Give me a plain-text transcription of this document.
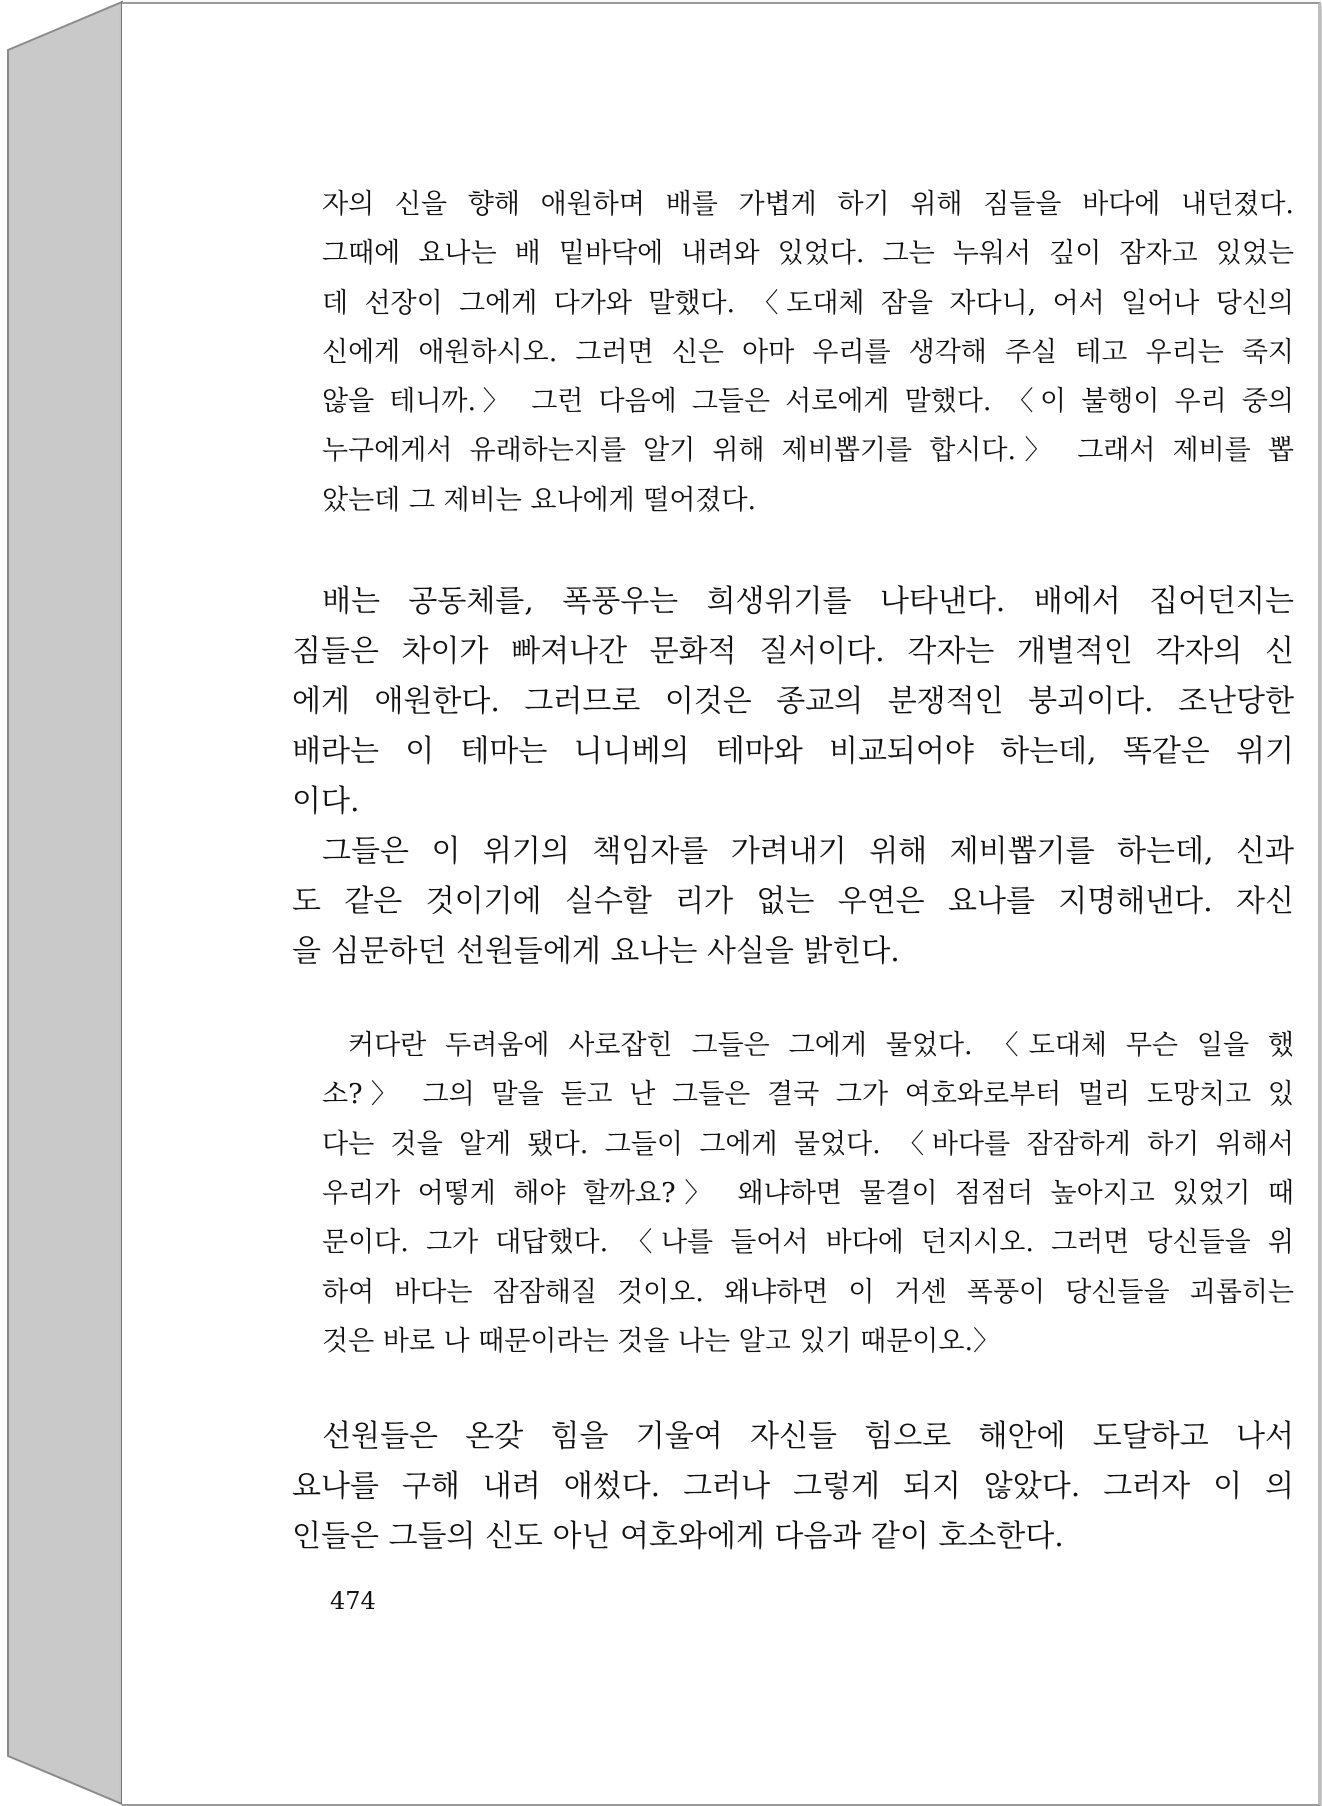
자의 신을 향해 애원하며 배를 가볍게 하기 위해 짐들을 바다에 내던졌다.
그때에 요나는 배 밑바닥에 내려와 있었다. 그는 누워서 깊이 잠자고 있었는
데 선장이 그에게 다가와 말했다. 〈도대체 잠을 자다니, 어서 일어나 당신의
신에게 애원하시오. 그러면 신은 아마 우리를 생각해 주실 테고 우리는 죽지
않을 테니까.〉 그런 다음에 그들은 서로에게 말했다. 〈이 불행이 우리 중의
누구에게서 유래하는지를 알기 위해 제비뽑기를 합시다.〉 그래서 제비를 뽑
았는데 그 제비는 요나에게 떨어졌다.
배는 공동체를, 폭풍우는 희생위기를 나타낸다. 배에서 집어던지는
짐들은 차이가 빠져나간 문화적 질서이다. 각자는 개별적인 각자의 신
에게 애원한다. 그러므로 이것은 종교의 분쟁적인 붕괴이다. 조난당한
배라는 이 테마는 니니베의 테마와 비교되어야 하는데, 똑같은 위기
이다.
그들은 이 위기의 책임자를 가려내기 위해 제비뽑기를 하는데, 신과
도 같은 것이기에 실수할 리가 없는 우연은 요나를 지명해낸다. 자신
을 심문하던 선원들에게 요나는 사실을 밝힌다.
커다란 두려움에 사로잡힌 그들은 그에게 물었다. 〈도대체 무슨 일을 했
소?〉 그의 말을 듣고 난 그들은 결국 그가 여호와로부터 멀리 도망치고 있
다는 것을 알게 됐다. 그들이 그에게 물었다. 〈바다를 잠잠하게 하기 위해서
우리가 어떻게 해야 할까요?〉 왜냐하면 물결이 점점더 높아지고 있었기 때
문이다. 그가 대답했다. 〈나를 들어서 바다에 던지시오. 그러면 당신들을 위
하여 바다는 잠잠해질 것이오. 왜냐하면 이 거센 폭풍이 당신들을 괴롭히는
것은 바로 나 때문이라는 것을 나는 알고 있기 때문이오.〉
선원들은 온갖 힘을 기울여 자신들 힘으로 해안에 도달하고 나서
요나를 구해 내려 애썼다. 그러나 그렇게 되지 않았다. 그러자 이 의
인들은 그들의 신도 아닌 여호와에게 다음과 같이 호소한다.
474
